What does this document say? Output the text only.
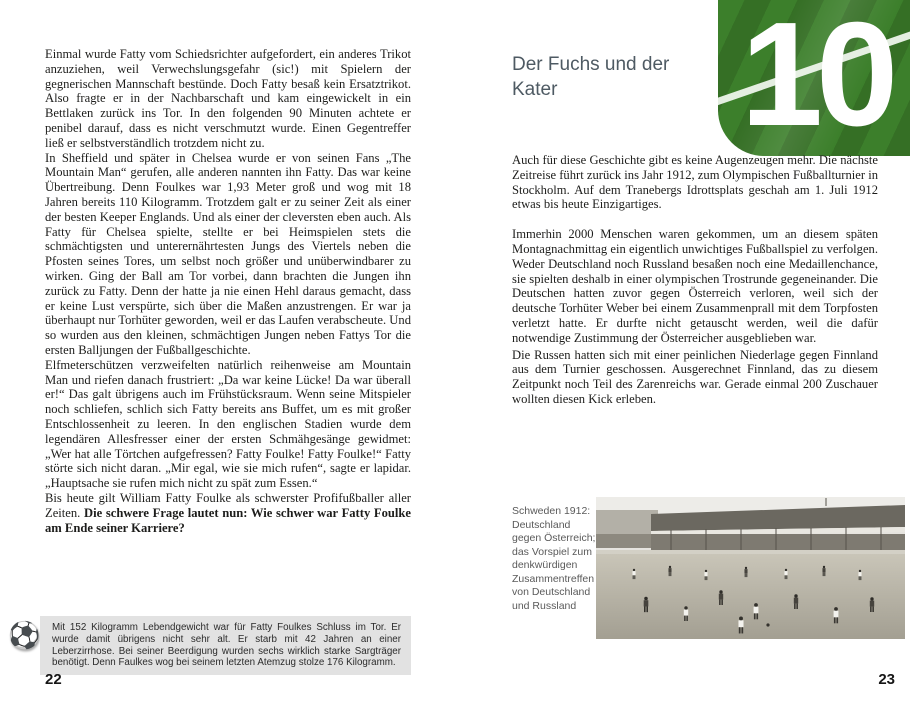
Einmal wurde Fatty vom Schiedsrichter aufgefordert, ein anderes Trikot anzuziehen, weil Verwechslungsgefahr (sic!) mit Spielern der gegnerischen Mannschaft bestünde. Doch Fatty besaß kein Ersatztrikot. Also fragte er in der Nachbarschaft und kam eingewickelt in ein Bettlaken zurück ins Tor. In den folgenden 90 Minuten achtete er penibel darauf, dass es nicht verschmutzt wurde. Einen Gegentreffer ließ er selbstverständlich trotzdem nicht zu.

In Sheffield und später in Chelsea wurde er von seinen Fans „The Mountain Man“ gerufen, alle anderen nannten ihn Fatty. Das war keine Übertreibung. Denn Foulkes war 1,93 Meter groß und wog mit 18 Jahren bereits 110 Kilogramm. Trotzdem galt er zu seiner Zeit als einer der besten Keeper Englands. Und als einer der cleversten eben auch. Als Fatty für Chelsea spielte, stellte er bei Heimspielen stets die schmächtigsten und unterernährtesten Jungs des Viertels neben die Pfosten seines Tores, um selbst noch größer und unüberwindbarer zu wirken. Ging der Ball am Tor vorbei, dann brachten die Jungen ihn zurück zu Fatty. Denn der hatte ja nie einen Hehl daraus gemacht, dass er keine Lust verspürte, sich über die Maßen anzustrengen. Er war ja überhaupt nur Torhüter geworden, weil er das Laufen verabscheute. Und so wurden aus den kleinen, schmächtigen Jungen neben Fattys Tor die ersten Balljungen der Fußballgeschichte.

Elfmeterschützen verzweifelten natürlich reihenweise am Mountain Man und riefen danach frustriert: „Da war keine Lücke! Da war überall er!“ Das galt übrigens auch im Frühstücksraum. Wenn seine Mitspieler noch schliefen, schlich sich Fatty bereits ans Buffet, um es mit großer Entschlossenheit zu leeren. In den englischen Stadien wurde dem legendären Allesfresser einer der ersten Schmähgesänge gewidmet: „Wer hat alle Törtchen aufgefressen? Fatty Foulke! Fatty Foulke!“ Fatty störte sich nicht daran. „Mir egal, wie sie mich rufen“, sagte er lapidar. „Hauptsache sie rufen mich nicht zu spät zum Essen.“

Bis heute gilt William Fatty Foulke als schwerster Profifußballer aller Zeiten. Die schwere Frage lautet nun: Wie schwer war Fatty Foulke am Ende seiner Karriere?

⚽ Mit 152 Kilogramm Lebendgewicht war für Fatty Foulkes Schluss im Tor. Er wurde damit übrigens nicht sehr alt. Er starb mit 42 Jahren an einer Leberzirrhose. Bei seiner Beerdigung wurden sechs wirklich starke Sargträger benötigt. Denn Faulkes wog bei seinem letzten Atemzug stolze 176 Kilogramm.

22
Der Fuchs und der Kater	10

Auch für diese Geschichte gibt es keine Augenzeugen mehr. Die nächste Zeitreise führt zurück ins Jahr 1912, zum Olympischen Fußballturnier in Stockholm. Auf dem Tranebergs Idrottsplats geschah am 1. Juli 1912 etwas bis heute Einzigartiges.

Immerhin 2000 Menschen waren gekommen, um an diesem späten Montagnachmittag ein eigentlich unwichtiges Fußballspiel zu verfolgen. Weder Deutschland noch Russland besaßen noch eine Medaillenchance, sie spielten deshalb in einer olympischen Trostrunde gegeneinander. Die Deutschen hatten zuvor gegen Österreich verloren, weil sich der deutsche Torhüter Weber bei einem Zusammenprall mit dem Torpfosten verletzt hatte. Er durfte nicht getauscht werden, weil die dafür notwendige Zustimmung der Österreicher ausgeblieben war.

Die Russen hatten sich mit einer peinlichen Niederlage gegen Finnland aus dem Turnier geschossen. Ausgerechnet Finnland, das zu diesem Zeitpunkt noch Teil des Zarenreichs war. Gerade einmal 200 Zuschauer wollten diesen Kick erleben.

Schweden 1912: Deutschland gegen Österreich; das Vorspiel zum denkwürdigen Zusammentreffen von Deutschland und Russland
23
